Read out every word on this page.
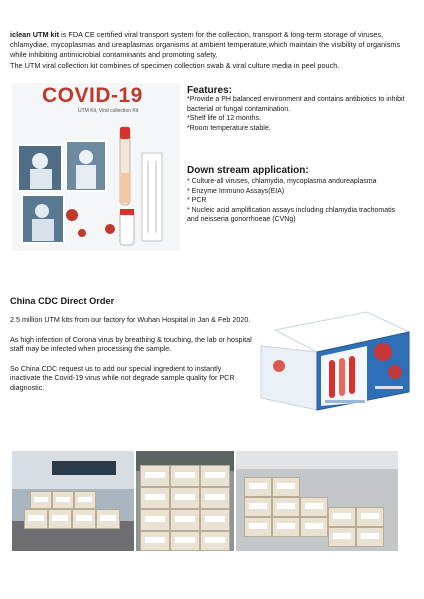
iclean UTM kit is FDA CE certified viral transport system for the collection, transport & long-term storage of viruses, chlamydiae, mycoplasmas and ureaplasmas organisms at ambient temperature,which maintain the visibility of organisms while inhibiting antimicrobial contaminants and promoting safety.
The UTM viral collection kit combines of specimen collection swab & viral culture media in peel pouch.
COVID-19
UTM Kit, Viral collection Kit
Features:

*Provide a PH balanced environment and contains antibiotics to inhibit bacterial or fungal contamination.

*Shelf life of 12 months.

*Room temperature stable.

Down stream application:

* Culture-all viruses, chlamydia, mycoplasma andureaplasma

* Enzyme Immuno Assays(EIA)

* PCR

* Nucleic acid amplification assays including chlamydia trachomatis

and neisseria gonorrhoeae (CVNg)

China CDC Direct Order

2.5 million UTM kits from our factory for Wuhan Hospital in Jan & Feb 2020.

As high infection of Corona virus by breathing & touching, the lab or hospital staff may be infected when processing the sample.

So China CDC request us to add our special ingredient to instantly inactivate the Covid-19 virus while not degrade sample quality for PCR diagnostic.
